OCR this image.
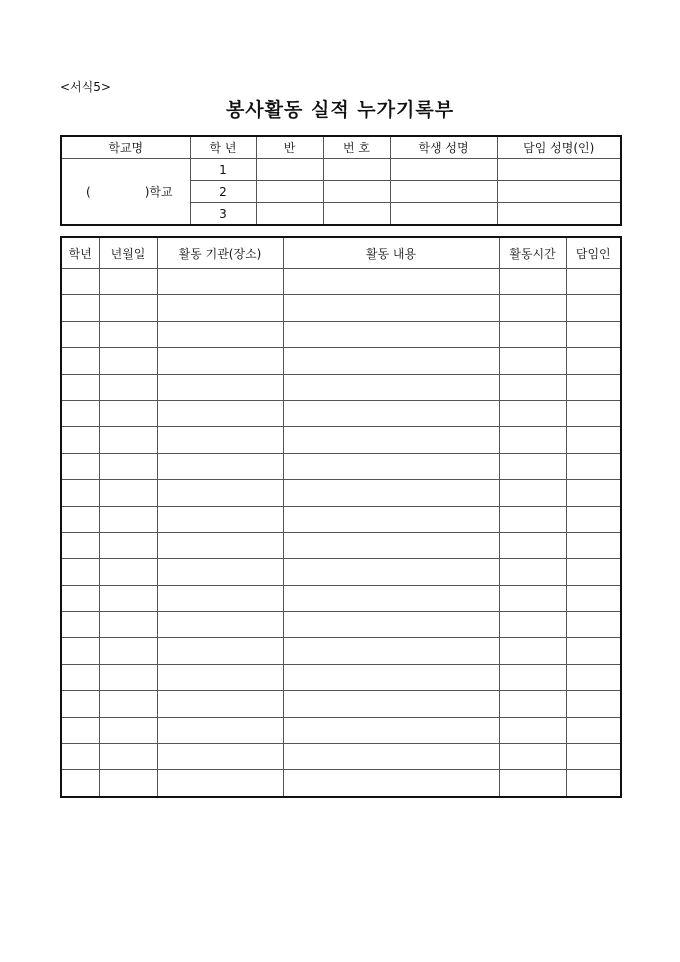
<서식5>
봉사활동 실적 누가기록부
학교명	학 년	반	번 호	학생 성명	담임 성명(인)
( )학교	1				
	2				
	3				
학년	년월일	활동 기관(장소)	활동 내용	활동시간	담임인
